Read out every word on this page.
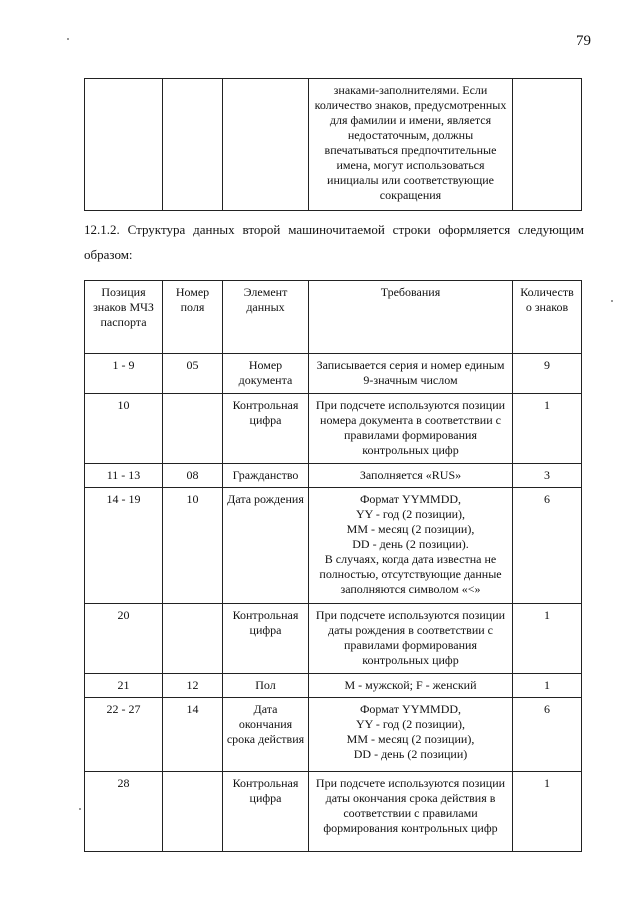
79
			знаками-заполнителями. Если количество знаков, предусмотренных для фамилии и имени, является недостаточным, должны впечатываться предпочтительные имена, могут использоваться инициалы или соответствующие сокращения	
12.1.2. Структура данных второй машиночитаемой строки оформляется следующим образом:
Позиция знаков МЧЗ паспорта	Номер поля	Элемент данных	Требования	Количеств о знаков
1 - 9	05	Номер документа	Записывается серия и номер единым 9-значным числом	9
10		Контрольная цифра	При подсчете используются позиции номера документа в соответствии с правилами формирования контрольных цифр	1
11 - 13	08	Гражданство	Заполняется «RUS»	3
14 - 19	10	Дата рождения	Формат YYMMDD,
YY - год (2 позиции),
MM - месяц (2 позиции),
DD - день (2 позиции).
В случаях, когда дата известна не полностью, отсутствующие данные заполняются символом «<»	6
20		Контрольная цифра	При подсчете используются позиции даты рождения в соответствии с правилами формирования контрольных цифр	1
21	12	Пол	M - мужской; F - женский	1
22 - 27	14	Дата окончания срока действия	Формат YYMMDD,
YY - год (2 позиции),
MM - месяц (2 позиции),
DD - день (2 позиции)	6
28		Контрольная цифра	При подсчете используются позиции даты окончания срока действия в соответствии с правилами формирования контрольных цифр	1
